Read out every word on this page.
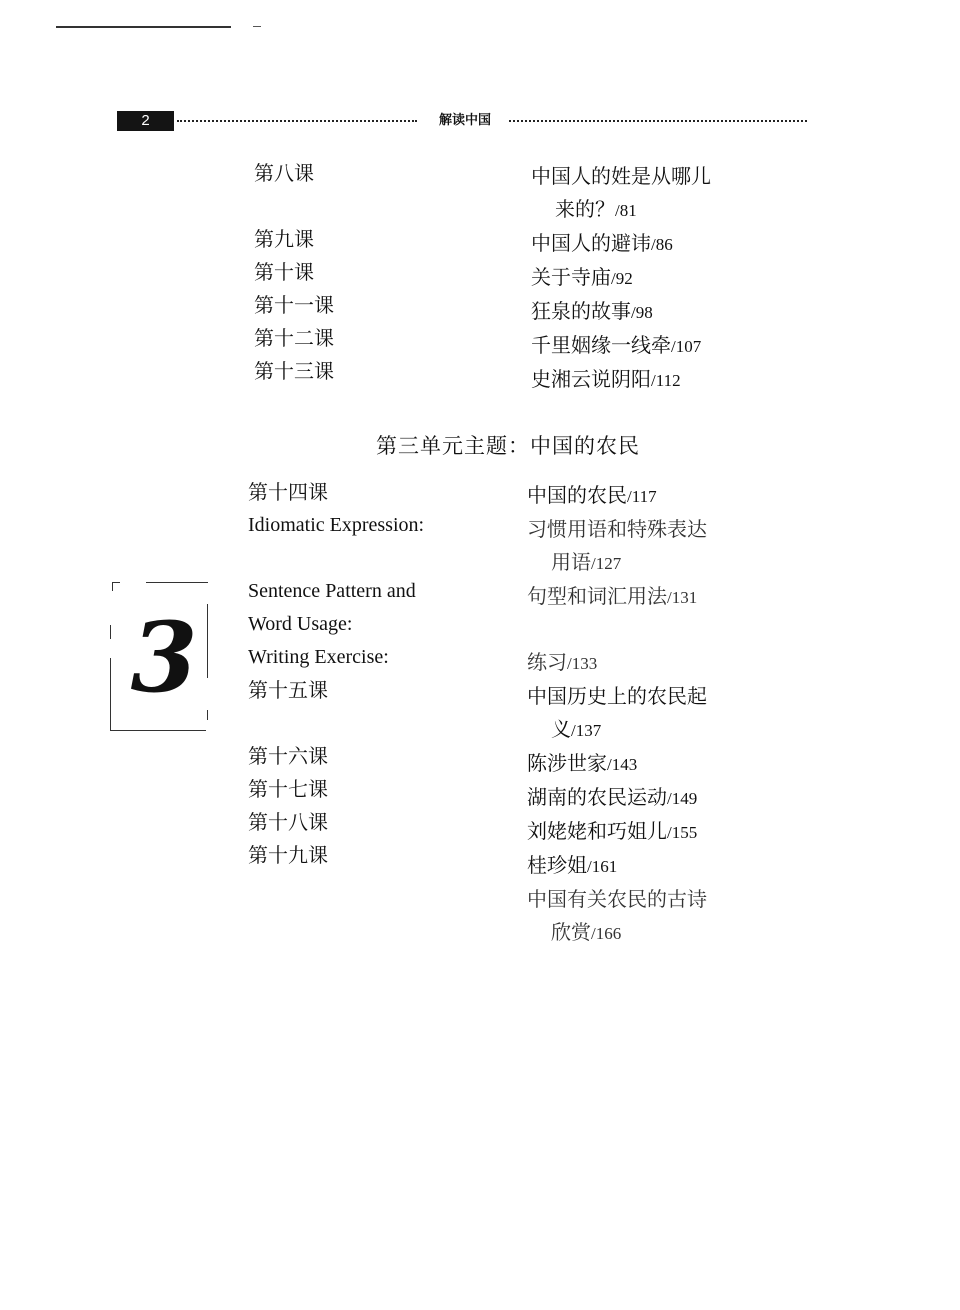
2	解读中国
第八课
第九课
第十课
第十一课
第十二课
第十三课
中国人的姓是从哪儿
来的？/81
中国人的避讳/86
关于寺庙/92
狂泉的故事/98
千里姻缘一线牵/107
史湘云说阴阳/112
第三单元主题：中国的农民
第十四课
Idiomatic Expression:
Sentence Pattern and
Word Usage:
Writing Exercise:
第十五课
第十六课
第十七课
第十八课
第十九课
中国的农民/117
习惯用语和特殊表达
用语/127
句型和词汇用法/131
练习/133
中国历史上的农民起
义/137
陈涉世家/143
湖南的农民运动/149
刘姥姥和巧姐儿/155
桂珍姐/161
中国有关农民的古诗
欣赏/166
3
